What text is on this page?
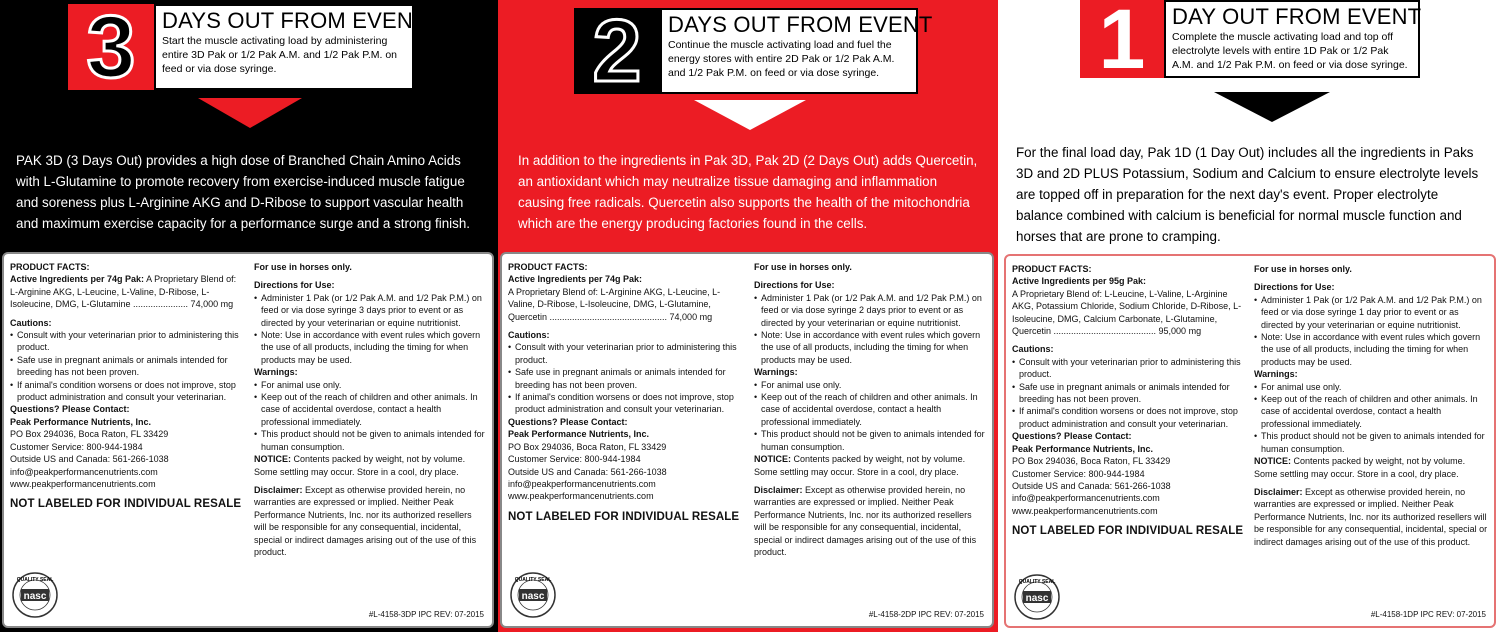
3 DAYS OUT FROM EVENT
Start the muscle activating load by administering entire 3D Pak or 1/2 Pak A.M. and 1/2 Pak P.M. on feed or via dose syringe.
PAK 3D (3 Days Out) provides a high dose of Branched Chain Amino Acids with L-Glutamine to promote recovery from exercise-induced muscle fatigue and soreness plus L-Arginine AKG and D-Ribose to support vascular health and maximum exercise capacity for a performance surge and a strong finish.
PRODUCT FACTS:
Active Ingredients per 74g Pak: A Proprietary Blend of: L-Arginine AKG, L-Leucine, L-Valine, D-Ribose, L-Isoleucine, DMG, L-Glutamine ...................... 74,000 mg
Cautions:
• Consult with your veterinarian prior to administering this product.
• Safe use in pregnant animals or animals intended for breeding has not been proven.
• If animal's condition worsens or does not improve, stop product administration and consult your veterinarian.
Questions? Please Contact:
Peak Performance Nutrients, Inc.
PO Box 294036, Boca Raton, FL 33429
Customer Service: 800-944-1984
Outside US and Canada: 561-266-1038
info@peakperformancenutrients.com
www.peakperformancenutrients.com
NOT LABELED FOR INDIVIDUAL RESALE
For use in horses only.
Directions for Use:
• Administer 1 Pak (or 1/2 Pak A.M. and 1/2 Pak P.M.) on feed or via dose syringe 3 days prior to event or as directed by your veterinarian or equine nutritionist.
• Note: Use in accordance with event rules which govern the use of all products, including the timing for when products may be used.
Warnings:
• For animal use only.
• Keep out of the reach of children and other animals. In case of accidental overdose, contact a health professional immediately.
• This product should not be given to animals intended for human consumption.
NOTICE: Contents packed by weight, not by volume. Some settling may occur. Store in a cool, dry place.
Disclaimer: Except as otherwise provided herein, no warranties are expressed or implied. Neither Peak Performance Nutrients, Inc. nor its authorized resellers will be responsible for any consequential, incidental, special or indirect damages arising out of the use of this product.
QUALITY SEAL
nasc
#L-4158-3DP IPC REV: 07-2015
2 DAYS OUT FROM EVENT
Continue the muscle activating load and fuel the energy stores with entire 2D Pak or 1/2 Pak A.M. and 1/2 Pak P.M. on feed or via dose syringe.
In addition to the ingredients in Pak 3D, Pak 2D (2 Days Out) adds Quercetin, an antioxidant which may neutralize tissue damaging and inflammation causing free radicals. Quercetin also supports the health of the mitochondria which are the energy producing factories found in the cells.
PRODUCT FACTS:
Active Ingredients per 74g Pak:
A Proprietary Blend of: L-Arginine AKG, L-Leucine, L-Valine, D-Ribose, L-Isoleucine, DMG, L-Glutamine, Quercetin ............................................... 74,000 mg
Cautions:
• Consult with your veterinarian prior to administering this product.
• Safe use in pregnant animals or animals intended for breeding has not been proven.
• If animal's condition worsens or does not improve, stop product administration and consult your veterinarian.
Questions? Please Contact:
Peak Performance Nutrients, Inc.
PO Box 294036, Boca Raton, FL 33429
Customer Service: 800-944-1984
Outside US and Canada: 561-266-1038
info@peakperformancenutrients.com
www.peakperformancenutrients.com
NOT LABELED FOR INDIVIDUAL RESALE
For use in horses only.
Directions for Use:
• Administer 1 Pak (or 1/2 Pak A.M. and 1/2 Pak P.M.) on feed or via dose syringe 2 days prior to event or as directed by your veterinarian or equine nutritionist.
• Note: Use in accordance with event rules which govern the use of all products, including the timing for when products may be used.
Warnings:
• For animal use only.
• Keep out of the reach of children and other animals. In case of accidental overdose, contact a health professional immediately.
• This product should not be given to animals intended for human consumption.
NOTICE: Contents packed by weight, not by volume. Some settling may occur. Store in a cool, dry place.
Disclaimer: Except as otherwise provided herein, no warranties are expressed or implied. Neither Peak Performance Nutrients, Inc. nor its authorized resellers will be responsible for any consequential, incidental, special or indirect damages arising out of the use of this product.
QUALITY SEAL
nasc
#L-4158-2DP IPC REV: 07-2015
1 DAY OUT FROM EVENT
Complete the muscle activating load and top off electrolyte levels with entire 1D Pak or 1/2 Pak A.M. and 1/2 Pak P.M. on feed or via dose syringe.
For the final load day, Pak 1D (1 Day Out) includes all the ingredients in Paks 3D and 2D PLUS Potassium, Sodium and Calcium to ensure electrolyte levels are topped off in preparation for the next day's event. Proper electrolyte balance combined with calcium is beneficial for normal muscle function and horses that are prone to cramping.
PRODUCT FACTS:
Active Ingredients per 95g Pak:
A Proprietary Blend of: L-Leucine, L-Valine, L-Arginine AKG, Potassium Chloride, Sodium Chloride, D-Ribose, L-Isoleucine, DMG, Calcium Carbonate, L-Glutamine, Quercetin ......................................... 95,000 mg
Cautions:
• Consult with your veterinarian prior to administering this product.
• Safe use in pregnant animals or animals intended for breeding has not been proven.
• If animal's condition worsens or does not improve, stop product administration and consult your veterinarian.
Questions? Please Contact:
Peak Performance Nutrients, Inc.
PO Box 294036, Boca Raton, FL 33429
Customer Service: 800-944-1984
Outside US and Canada: 561-266-1038
info@peakperformancenutrients.com
www.peakperformancenutrients.com
NOT LABELED FOR INDIVIDUAL RESALE
For use in horses only.
Directions for Use:
• Administer 1 Pak (or 1/2 Pak A.M. and 1/2 Pak P.M.) on feed or via dose syringe 1 day prior to event or as directed by your veterinarian or equine nutritionist.
• Note: Use in accordance with event rules which govern the use of all products, including the timing for when products may be used.
Warnings:
• For animal use only.
• Keep out of the reach of children and other animals. In case of accidental overdose, contact a health professional immediately.
• This product should not be given to animals intended for human consumption.
NOTICE: Contents packed by weight, not by volume. Some settling may occur. Store in a cool, dry place.
Disclaimer: Except as otherwise provided herein, no warranties are expressed or implied. Neither Peak Performance Nutrients, Inc. nor its authorized resellers will be responsible for any consequential, incidental, special or indirect damages arising out of the use of this product.
QUALITY SEAL
nasc
#L-4158-1DP IPC REV: 07-2015
